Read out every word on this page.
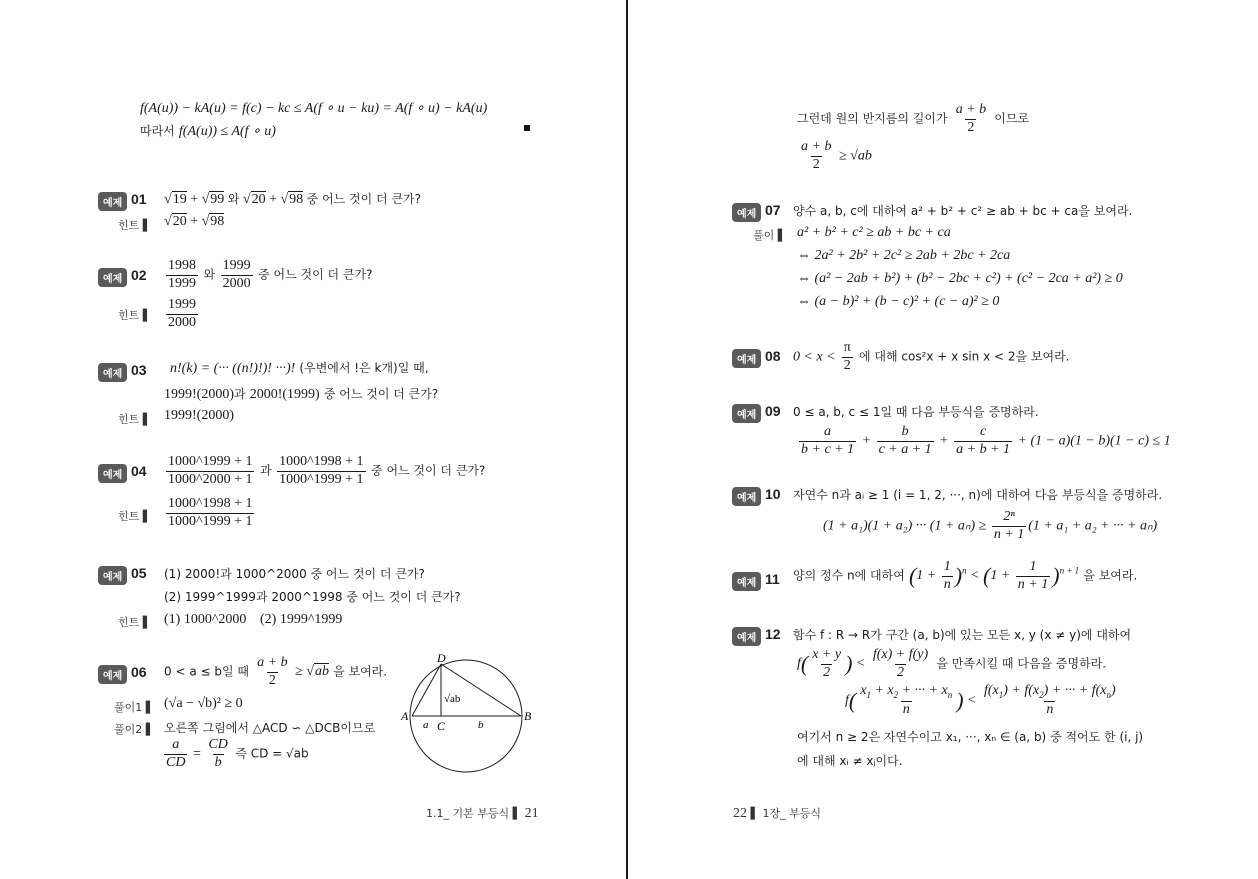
f(A(u)) − kA(u) = f(c) − kc ≤ A(f ∘ u − ku) = A(f ∘ u) − kA(u)
따라서 f(A(u)) ≤ A(f ∘ u)
예제 01 √19 + √99 와 √20 + √98 중 어느 것이 더 큰가?
힌트 ▌ √20 + √98
예제 $02 \frac{1998}{1999}$ 와 $\frac{1999}{2000}$ 중 어느 것이 더 큰가?
힌트 ▌ $\frac{1999}{2000}$
예제 03 n!(k) = (··· ((n!)!)! ···)! (우변에서 !은 k개)일 때,
1999!(2000)과 2000!(1999) 중 어느 것이 더 큰가?
힌트 ▌ 1999!(2000)
예제 $04 \frac{1000\^{}1999 + 1}{1000\^{}2000 + 1}$ 과 $\frac{1000\^{}1998 + 1}{1000\^{}1999 + 1}$ 중 어느 것이 더 큰가?
힌트 ▌ $\frac{1000\^{}1998 + 1}{1000\^{}1999 + 1}$
예제 05 (1) 2000!과 1000^2000 중 어느 것이 더 큰가?
(2) 1999^1999과 2000^1998 중 어느 것이 더 큰가?
힌트 ▌ (1) 1000^2000 (2) 1999^1999
예제 06 0 < a ≤ b일 때 $\frac{a + b}{2} \ge √ab$ 을 보여라.
풀이1 ▌ (√a − √b)² ≥ 0
풀이2 ▌ 오른쪽 그림에서 △ACD ∽ △DCB이므로
$\frac{a}{CD} = \frac{CD}{b}$ 즉 CD = √ab
D
A	B
C
a	b
√ab
1.1_ 기본 부등식 ▌ 21
그런데 원의 반지름의 길이가 $\frac{a + b}{2}$ 이므로
$\frac{a + b}{2} \ge √ab$
예제 07 양수 a, b, c에 대하여 a² + b² + c² ≥ ab + bc + ca을 보여라.
풀이 ▌ a² + b² + c² ≥ ab + bc + ca
⇔ 2a² + 2b² + 2c² ≥ 2ab + 2bc + 2ca
⇔ (a² − 2ab + b²) + (b² − 2bc + c²) + (c² − 2ca + a²) ≥ 0
⇔ (a − b)² + (b − c)² + (c − a)² ≥ 0
예제 08 $0 < x < \frac{\pi}{2}$ 에 대해 cos²x + x sin x < 2을 보여라.
예제 09 0 ≤ a, b, c ≤ 1일 때 다음 부등식을 증명하라.
$\frac{a}{b + c + 1} + \frac{b}{c + a + 1} + \frac{c}{a + b + 1} + (1 - a)(1 - b)(1 - c) \le 1$
예제 10 자연수 n과 aᵢ ≥ 1 (i = 1, 2, ···, n)에 대하여 다음 부등식을 증명하라.
(1 + a₁)(1 + a₂) ··· $(1 + a_n) \ge \frac{\text{2ⁿ}}{n + 1} (1 + a_1 + a_2$ + ··· + aₙ)
예제 11 양의 정수 n에 대하여 $(1 + \frac{1}{n} )^n < (1 + \frac{1}{n + 1} )^{n + 1}$ 을 보여라.
예제 12 함수 f : R → R가 구간 (a, b)에 있는 모든 x, y (x ≠ y)에 대하여
$f( \frac{x + y}{2}$ ) < $\frac{f(x) + f(y)}{2}$ 을 만족시킬 때 다음을 증명하라.
$f( \frac{x_1 + x_2 + \cdot\cdot\cdot + x_n}{n}$ ) < $\frac{f(x_1) + f(x_2) + \cdot\cdot\cdot + f(x_n)}{n}$
여기서 n ≥ 2은 자연수이고 x₁, ···, xₙ ∈ (a, b) 중 적어도 한 (i, j)
에 대해 xᵢ ≠ xⱼ이다.
22 ▌ 1장_ 부등식
